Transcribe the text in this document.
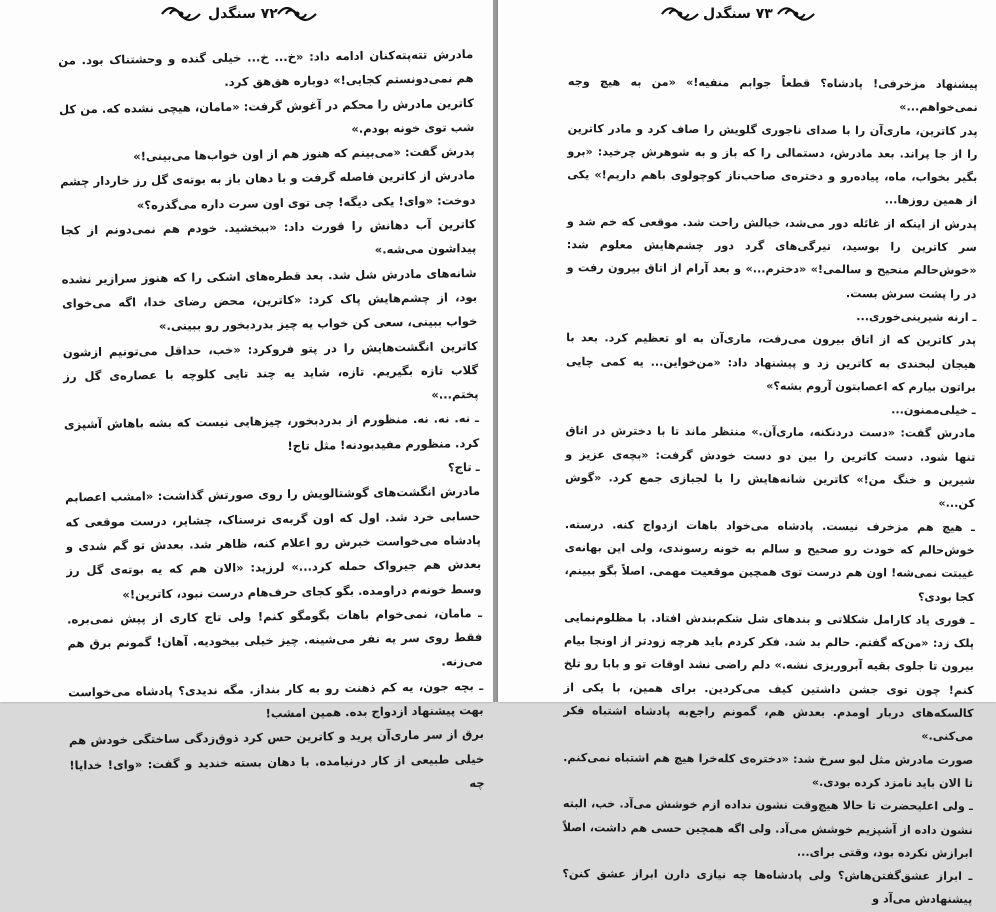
۷۲ سنگدل

مادرش تته‌پته‌کنان ادامه داد: «خ... خ... خیلی گنده و وحشتناک بود. من هم نمی‌دونستم کجایی!» دوباره هق‌هق کرد.

کاترین مادرش را محکم در آغوش گرفت: «مامان، هیچی نشده که. من کل شب توی خونه بودم.»

پدرش گفت: «می‌بینم که هنوز هم از اون خواب‌ها می‌بینی!»

مادرش از کاترین فاصله گرفت و با دهان باز به بوته‌ی گل رز خاردار چشم دوخت: «وای! یکی دیگه! چی توی اون سرت داره می‌گذره؟»

کاترین آب دهانش را قورت داد: «ببخشید. خودم هم نمی‌دونم از کجا پیداشون می‌شه.»

شانه‌های مادرش شل شد. بعد قطره‌های اشکی را که هنوز سرازیر نشده بود، از چشم‌هایش پاک کرد: «کاترین، محض رضای خدا، اگه می‌خوای خواب ببینی، سعی کن خواب یه چیز بدردبخور رو ببینی.»

کاترین انگشت‌هایش را در پتو فروکرد: «خب، حداقل می‌تونیم ازشون گلاب تازه بگیریم. تازه، شاید یه چند تایی کلوچه با عصاره‌ی گل رز پختم...»

ـ نه. نه. نه. منظورم از بدردبخور، چیزهایی نیست که بشه باهاش آشپزی کرد. منظورم مفیدبودنه! مثل تاج!

ـ تاج؟

مادرش انگشت‌های گوشتالویش را روی صورتش گذاشت: «امشب اعصابم حسابی خرد شد. اول که اون گربه‌ی ترسناک، چشایر، درست موقعی که پادشاه می‌خواست خبرش رو اعلام کنه، ظاهر شد. بعدش تو گم شدی و بعدش هم جیرواک حمله کرد...» لرزید: «الان هم که یه بوته‌ی گل رز وسط خونه‌م دراومده. بگو کجای حرف‌هام درست نبود، کاترین!»

ـ مامان، نمی‌خوام باهات بگومگو کنم! ولی تاج کاری از پیش نمی‌بره. فقط روی سر یه نفر می‌شینه. چیز خیلی بیخودیه. آهان! گمونم برق هم می‌زنه.

ـ بچه جون، یه کم ذهنت رو به کار بنداز. مگه ندیدی؟ پادشاه می‌خواست بهت پیشنهاد ازدواج بده. همین امشب!

برق از سر ماری‌آن پرید و کاترین حس کرد ذوق‌زدگی ساختگی خودش هم خیلی طبیعی از کار درنیامده. با دهان بسته خندید و گفت: «وای! خدایا! چه

۷۳ سنگدل

پیشنهاد مزخرفی! پادشاه؟ قطعاً جوابم منفیه!» «من به هیچ وجه نمی‌خواهم...»

پدر کاترین، ماری‌آن را با صدای ناجوری گلویش را صاف کرد و مادر کاترین را از جا پراند. بعد مادرش، دستمالی را که باز و به شوهرش چرخید: «برو بگیر بخواب، ماه، پیاده‌رو و دختره‌ی صاحب‌ناز کوچولوی‌ باهم داریم!» یکی از همین روزها...

پدرش از اینکه از غائله دور می‌شد، خیالش راحت شد. موقعی که خم شد و سر کاترین را بوسید، تیرگی‌های گرد دور چشم‌هایش معلوم شد: «خوش‌حالم منحیح و سالمی!» «دخترم...» و بعد آرام از اتاق بیرون رفت و در را پشت سرش بست.

ـ ارنه شیرینی‌خوری‌...

پدر کاترین که از اتاق بیرون می‌رفت، ماری‌آن به او تعظیم کرد. بعد با هیجان لبخندی به کاترین زد و پیشنهاد داد: «من‌خواین... یه کمی چایی براتون بیارم که اعصابتون آروم بشه؟»

ـ خیلی‌ممنون...

مادرش گفت: «دست دردنکنه، ماری‌آن.» منتظر ماند تا با دخترش در اتاق تنها شود. دست کاترین را بین دو دست خودش گرفت: «بچه‌ی عزیز و شیرین و خنگ من!» کاترین شانه‌هایش را با لجبازی جمع کرد. «گوش کن...»

ـ هیچ هم مزخرف نیست. پادشاه می‌خواد باهات ازدواج کنه. درسته. خوش‌حالم که خودت رو صحیح و سالم به خونه رسوندی، ولی این بهانه‌ی غیبتت نمی‌شه! اون هم درست توی همچین موقعیت مهمی. اصلاً بگو ببینم، کجا بودی؟

ـ فوری یاد کارامل شکلاتی و بندهای شل شکم‌بندش افتاد. با مظلوم‌نمایی پلک زد: «من‌که گفتم. حالم بد شد. فکر کردم باید هرچه زودتر از اونجا بیام بیرون تا جلوی بقیه آبروریزی نشه.» دلم راضی نشد اوقات تو و بابا رو تلخ کنم! چون توی جشن داشتین کیف می‌کردین. برای همین، با یکی از کالسکه‌های دربار اومدم. بعدش هم، گمونم راجع‌به پادشاه اشتباه فکر می‌کنی.»

صورت مادرش مثل لبو سرخ شد: «دختره‌ی کله‌خرا هیچ هم اشتباه نمی‌کنم. تا الان باید نامزد کرده بودی.»

ـ ولی اعلیحضرت تا حالا هیچ‌وقت نشون نداده ازم خوشش می‌آد. خب، البته نشون داده از آشپزیم خوشش می‌آد. ولی اگه همچین حسی هم داشت، اصلاً ابرازش نکرده بود، وقتی برای...

ـ ابراز عشق‌گفتن‌هاش؟ ولی پادشاه‌ها چه نیازی دارن ابراز عشق کنن؟ پیشنهادش می‌آد و
